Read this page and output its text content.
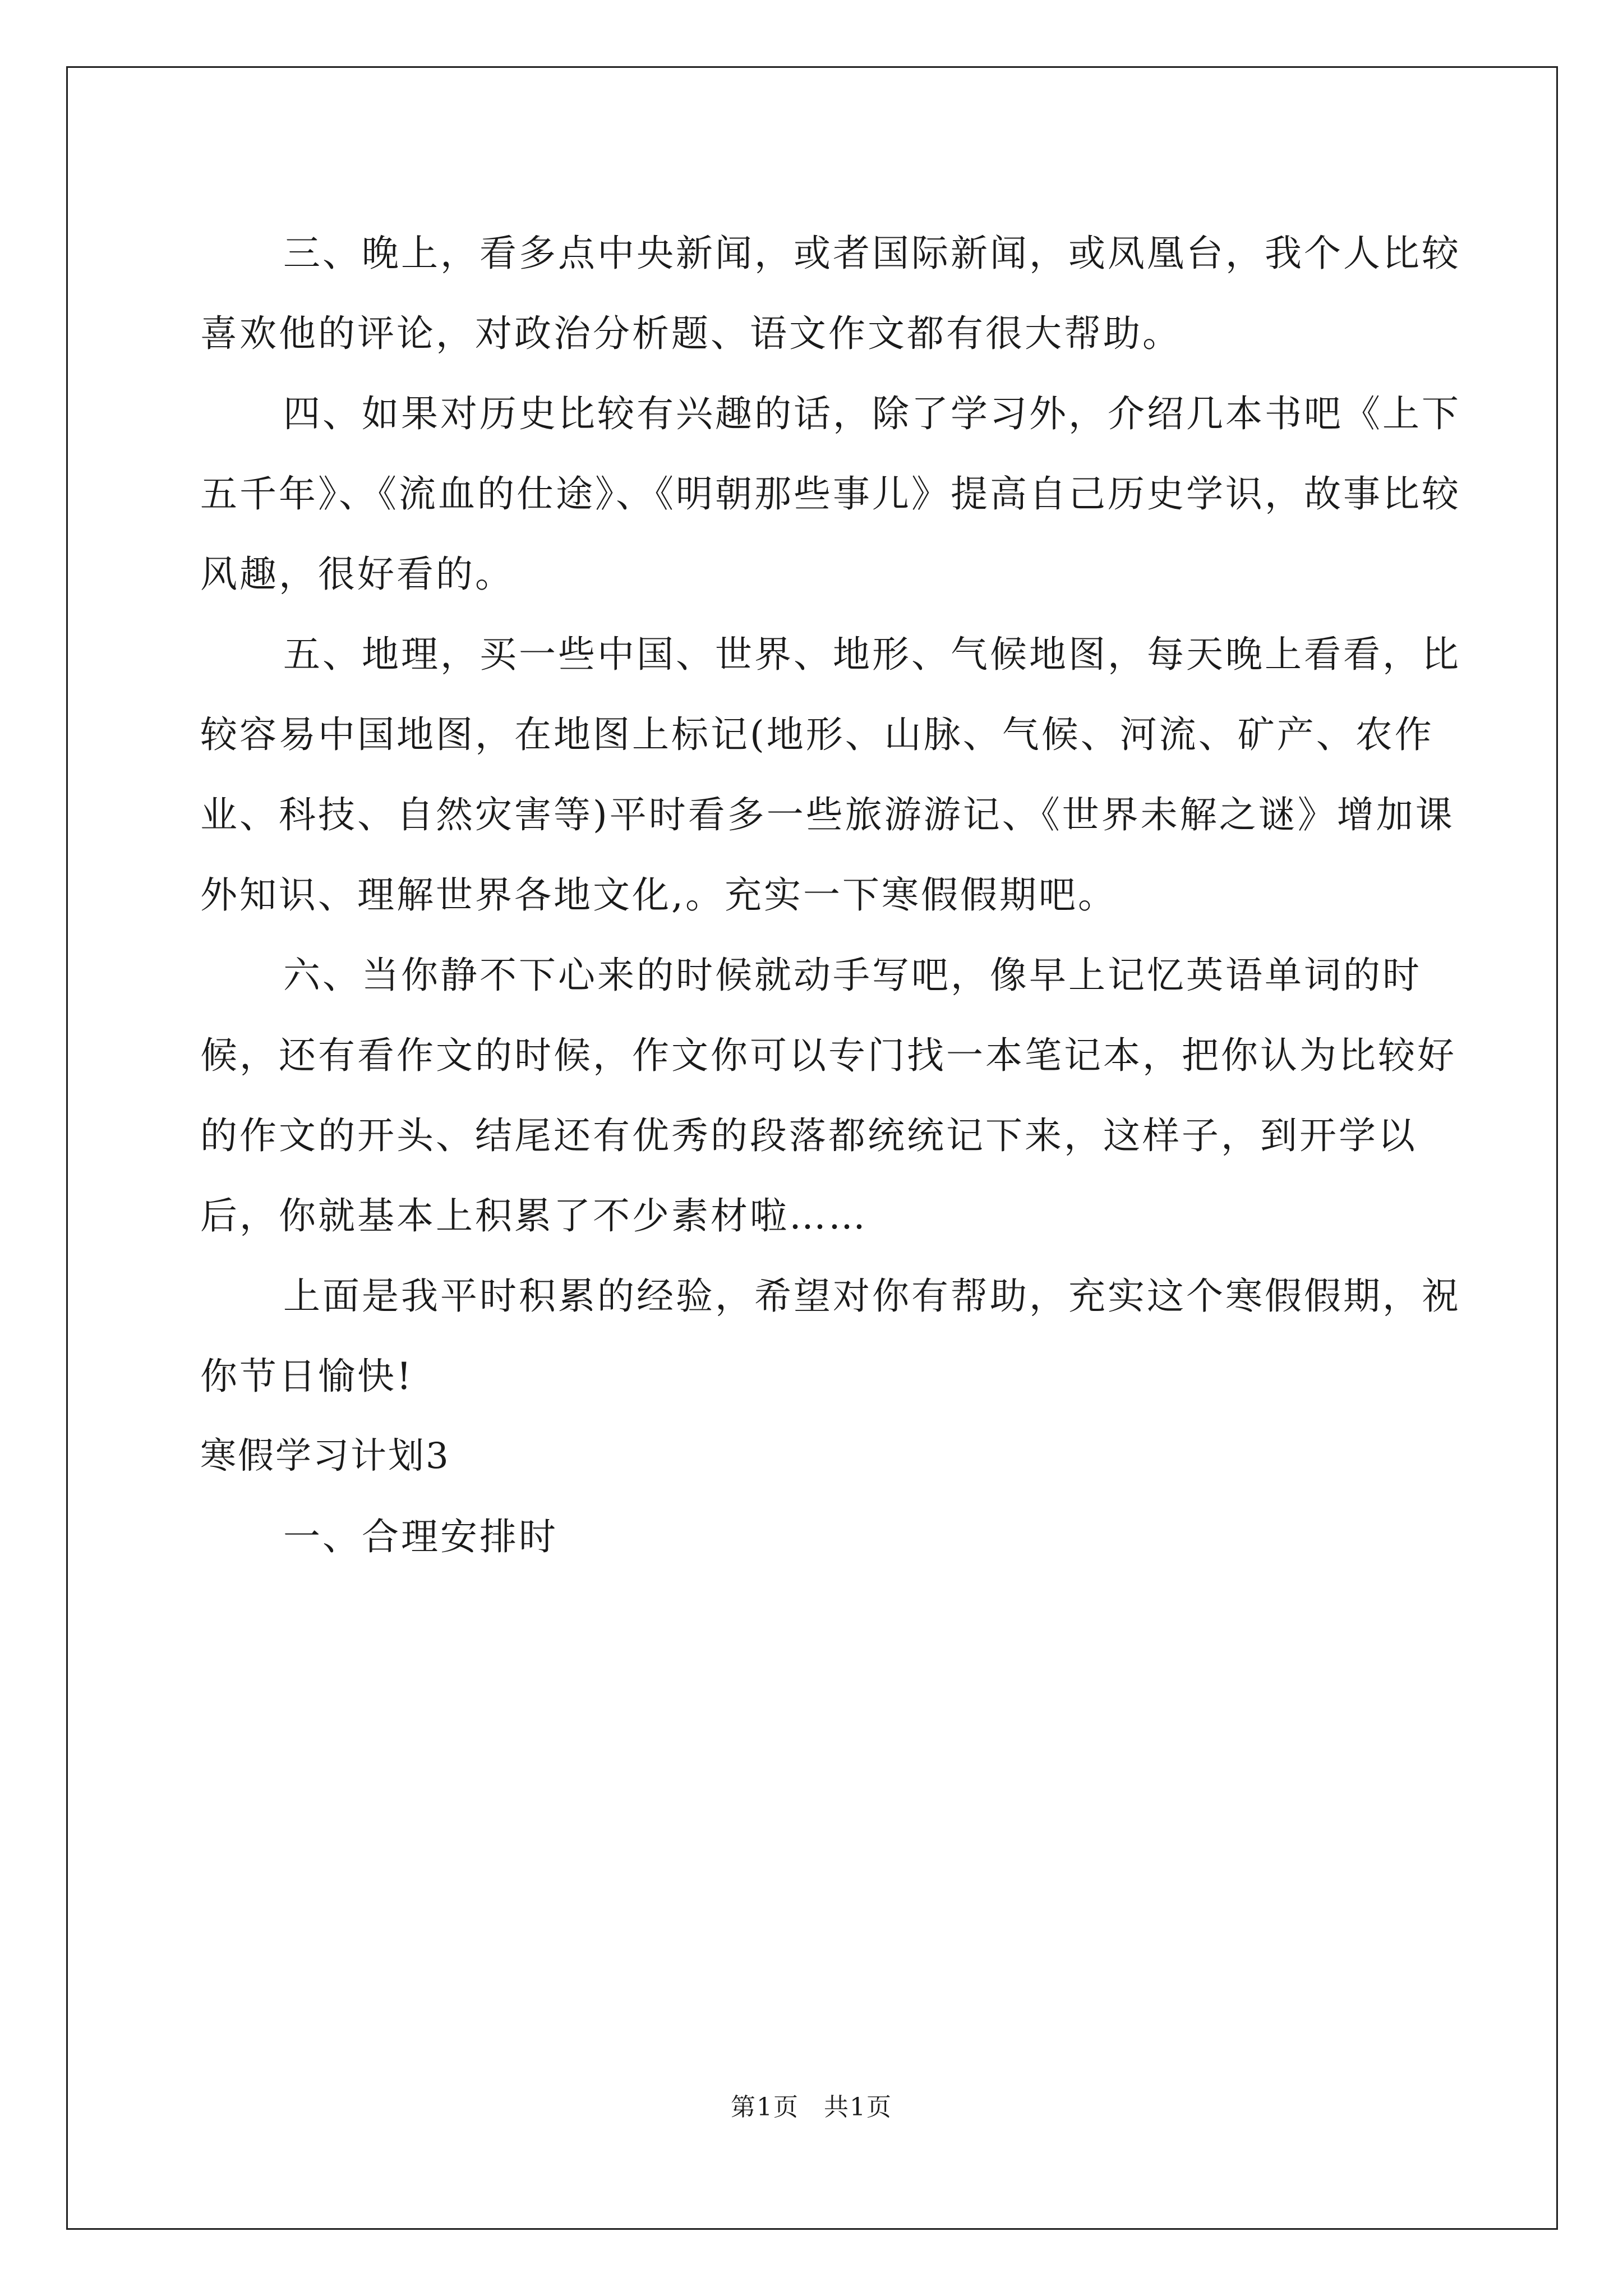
三、晚上，看多点中央新闻，或者国际新闻，或凤凰台，我个人比较喜欢他的评论，对政治分析题、语文作文都有很大帮助。

四、如果对历史比较有兴趣的话，除了学习外，介绍几本书吧《上下五千年》、《流血的仕途》、《明朝那些事儿》提高自己历史学识，故事比较风趣，很好看的。

五、地理，买一些中国、世界、地形、气候地图，每天晚上看看，比较容易中国地图，在地图上标记(地形、山脉、气候、河流、矿产、农作业、科技、自然灾害等)平时看多一些旅游游记、《世界未解之谜》增加课外知识、理解世界各地文化,。充实一下寒假假期吧。

六、当你静不下心来的时候就动手写吧，像早上记忆英语单词的时候，还有看作文的时候，作文你可以专门找一本笔记本，把你认为比较好的作文的开头、结尾还有优秀的段落都统统记下来，这样子，到开学以后，你就基本上积累了不少素材啦……

上面是我平时积累的经验，希望对你有帮助，充实这个寒假假期，祝你节日愉快!

寒假学习计划3

一、合理安排时

第1页 共1页
